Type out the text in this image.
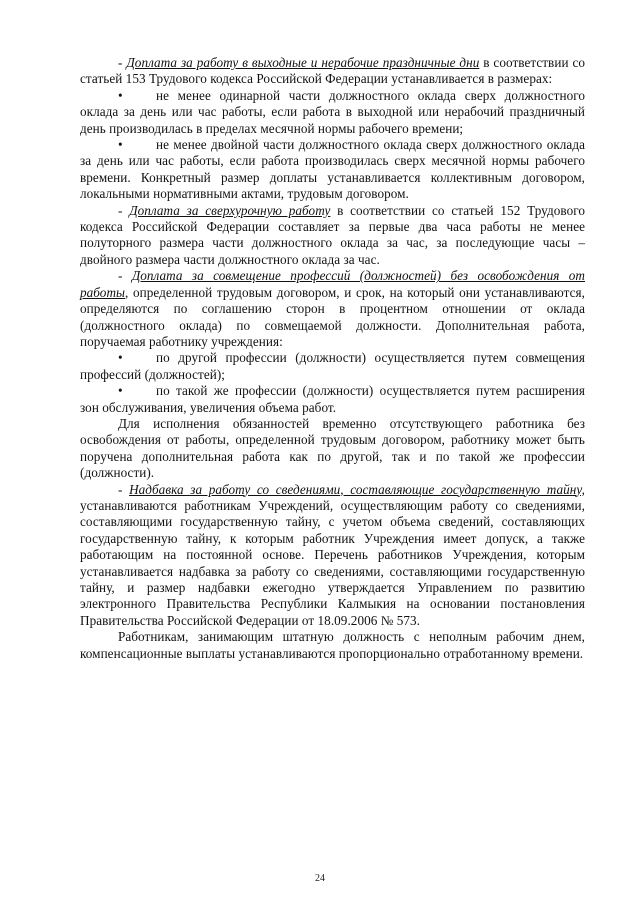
- Доплата за работу в выходные и нерабочие праздничные дни в соответствии со статьей 153 Трудового кодекса Российской Федерации устанавливается в размерах:

•	не менее одинарной части должностного оклада сверх должностного оклада за день или час работы, если работа в выходной или нерабочий праздничный день производилась в пределах месячной нормы рабочего времени;

•	не менее двойной части должностного оклада сверх должностного оклада за день или час работы, если работа производилась сверх месячной нормы рабочего времени. Конкретный размер доплаты устанавливается коллективным договором, локальными нормативными актами, трудовым договором.

- Доплата за сверхурочную работу в соответствии со статьей 152 Трудового кодекса Российской Федерации составляет за первые два часа работы не менее полуторного размера части должностного оклада за час, за последующие часы – двойного размера части должностного оклада за час.

- Доплата за совмещение профессий (должностей) без освобождения от работы, определенной трудовым договором, и срок, на который они устанавливаются, определяются по соглашению сторон в процентном отношении от оклада (должностного оклада) по совмещаемой должности. Дополнительная работа, поручаемая работнику учреждения:

•	по другой профессии (должности) осуществляется путем совмещения профессий (должностей);

•	по такой же профессии (должности) осуществляется путем расширения зон обслуживания, увеличения объема работ.

Для исполнения обязанностей временно отсутствующего работника без освобождения от работы, определенной трудовым договором, работнику может быть поручена дополнительная работа как по другой, так и по такой же профессии (должности).

- Надбавка за работу со сведениями, составляющие государственную тайну, устанавливаются работникам Учреждений, осуществляющим работу со сведениями, составляющими государственную тайну, с учетом объема сведений, составляющих государственную тайну, к которым работник Учреждения имеет допуск, а также работающим на постоянной основе. Перечень работников Учреждения, которым устанавливается надбавка за работу со сведениями, составляющими государственную тайну, и размер надбавки ежегодно утверждается Управлением по развитию электронного Правительства Республики Калмыкия на основании постановления Правительства Российской Федерации от 18.09.2006 № 573.

Работникам, занимающим штатную должность с неполным рабочим днем, компенсационные выплаты устанавливаются пропорционально отработанному времени.

24
